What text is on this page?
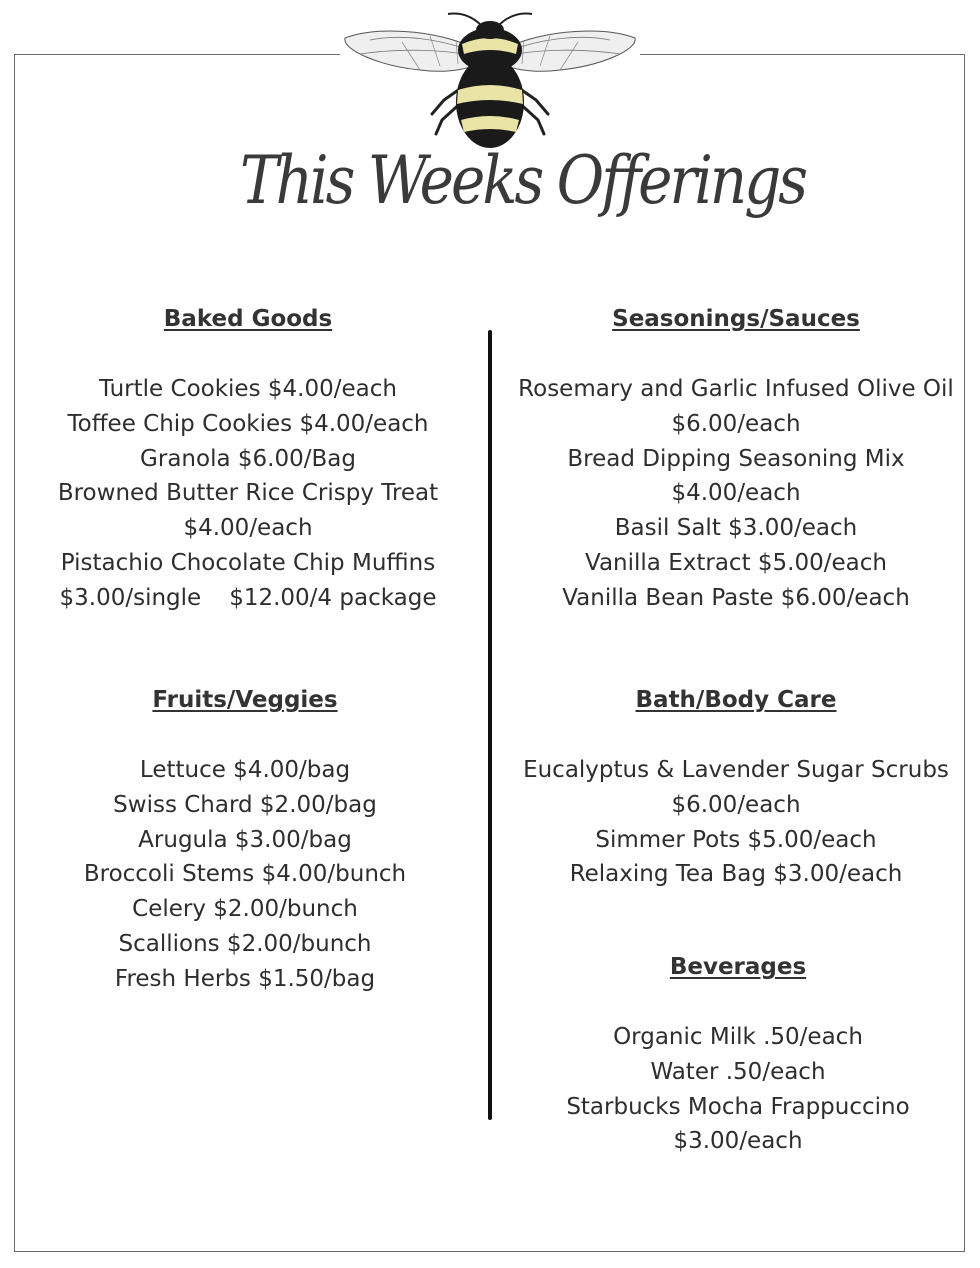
This Weeks Offerings

Baked Goods

Turtle Cookies $4.00/each
Toffee Chip Cookies $4.00/each
Granola $6.00/Bag
Browned Butter Rice Crispy Treat
$4.00/each
Pistachio Chocolate Chip Muffins
$3.00/single $12.00/4 package

Fruits/Veggies

Lettuce $4.00/bag
Swiss Chard $2.00/bag
Arugula $3.00/bag
Broccoli Stems $4.00/bunch
Celery $2.00/bunch
Scallions $2.00/bunch
Fresh Herbs $1.50/bag

Seasonings/Sauces

Rosemary and Garlic Infused Olive Oil
$6.00/each
Bread Dipping Seasoning Mix
$4.00/each
Basil Salt $3.00/each
Vanilla Extract $5.00/each
Vanilla Bean Paste $6.00/each

Bath/Body Care

Eucalyptus & Lavender Sugar Scrubs
$6.00/each
Simmer Pots $5.00/each
Relaxing Tea Bag $3.00/each

Beverages

Organic Milk .50/each
Water .50/each
Starbucks Mocha Frappuccino
$3.00/each
